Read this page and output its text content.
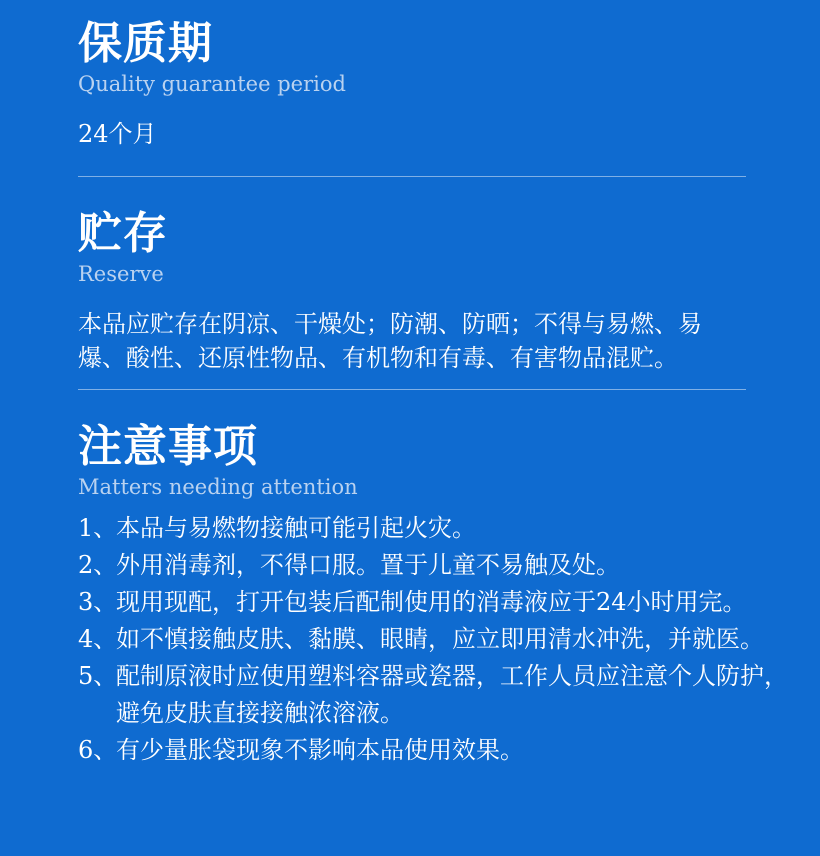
保质期
Quality guarantee period
24个月
贮存
Reserve
本品应贮存在阴凉、干燥处；防潮、防晒；不得与易燃、易爆、酸性、还原性物品、有机物和有毒、有害物品混贮。
注意事项
Matters needing attention
1、
本品与易燃物接触可能引起火灾。
2、
外用消毒剂，不得口服。置于儿童不易触及处。
3、
现用现配，打开包装后配制使用的消毒液应于24小时用完。
4、
如不慎接触皮肤、黏膜、眼睛，应立即用清水冲洗，并就医。
5、
配制原液时应使用塑料容器或瓷器，工作人员应注意个人防护，避免皮肤直接接触浓溶液。
6、
有少量胀袋现象不影响本品使用效果。
